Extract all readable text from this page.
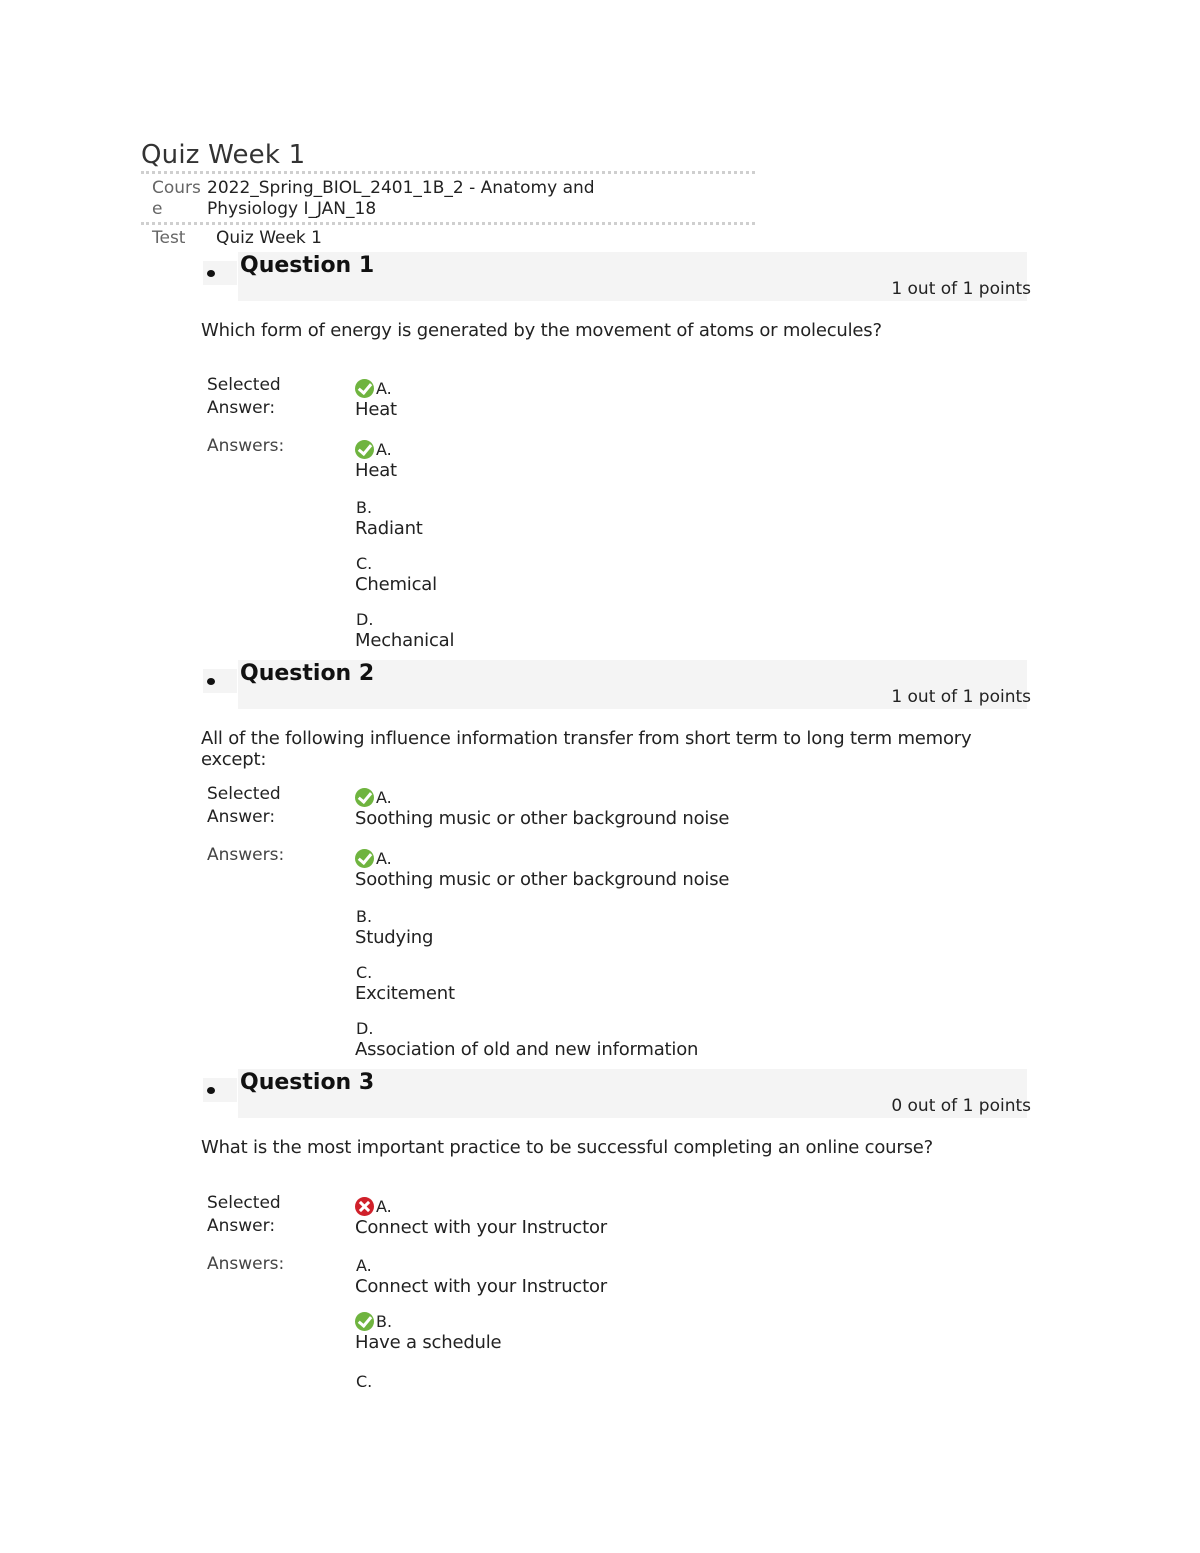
Quiz Week 1
Course
2022_Spring_BIOL_2401_1B_2 - Anatomy and Physiology I_JAN_18
Test	Quiz Week 1
Question 1
1 out of 1 points
Which form of energy is generated by the movement of atoms or molecules?
Selected Answer:
A.
Heat
Answers:	A.
Heat
B.
Radiant
C.
Chemical
D.
Mechanical
Question 2
1 out of 1 points
All of the following influence information transfer from short term to long term memory except:
Selected Answer:
A.
Soothing music or other background noise
Answers:	A.
Soothing music or other background noise
B.
Studying
C.
Excitement
D.
Association of old and new information
Question 3
0 out of 1 points
What is the most important practice to be successful completing an online course?
Selected Answer:
A.
Connect with your Instructor
Answers:	A.
Connect with your Instructor
B.
Have a schedule
C.
